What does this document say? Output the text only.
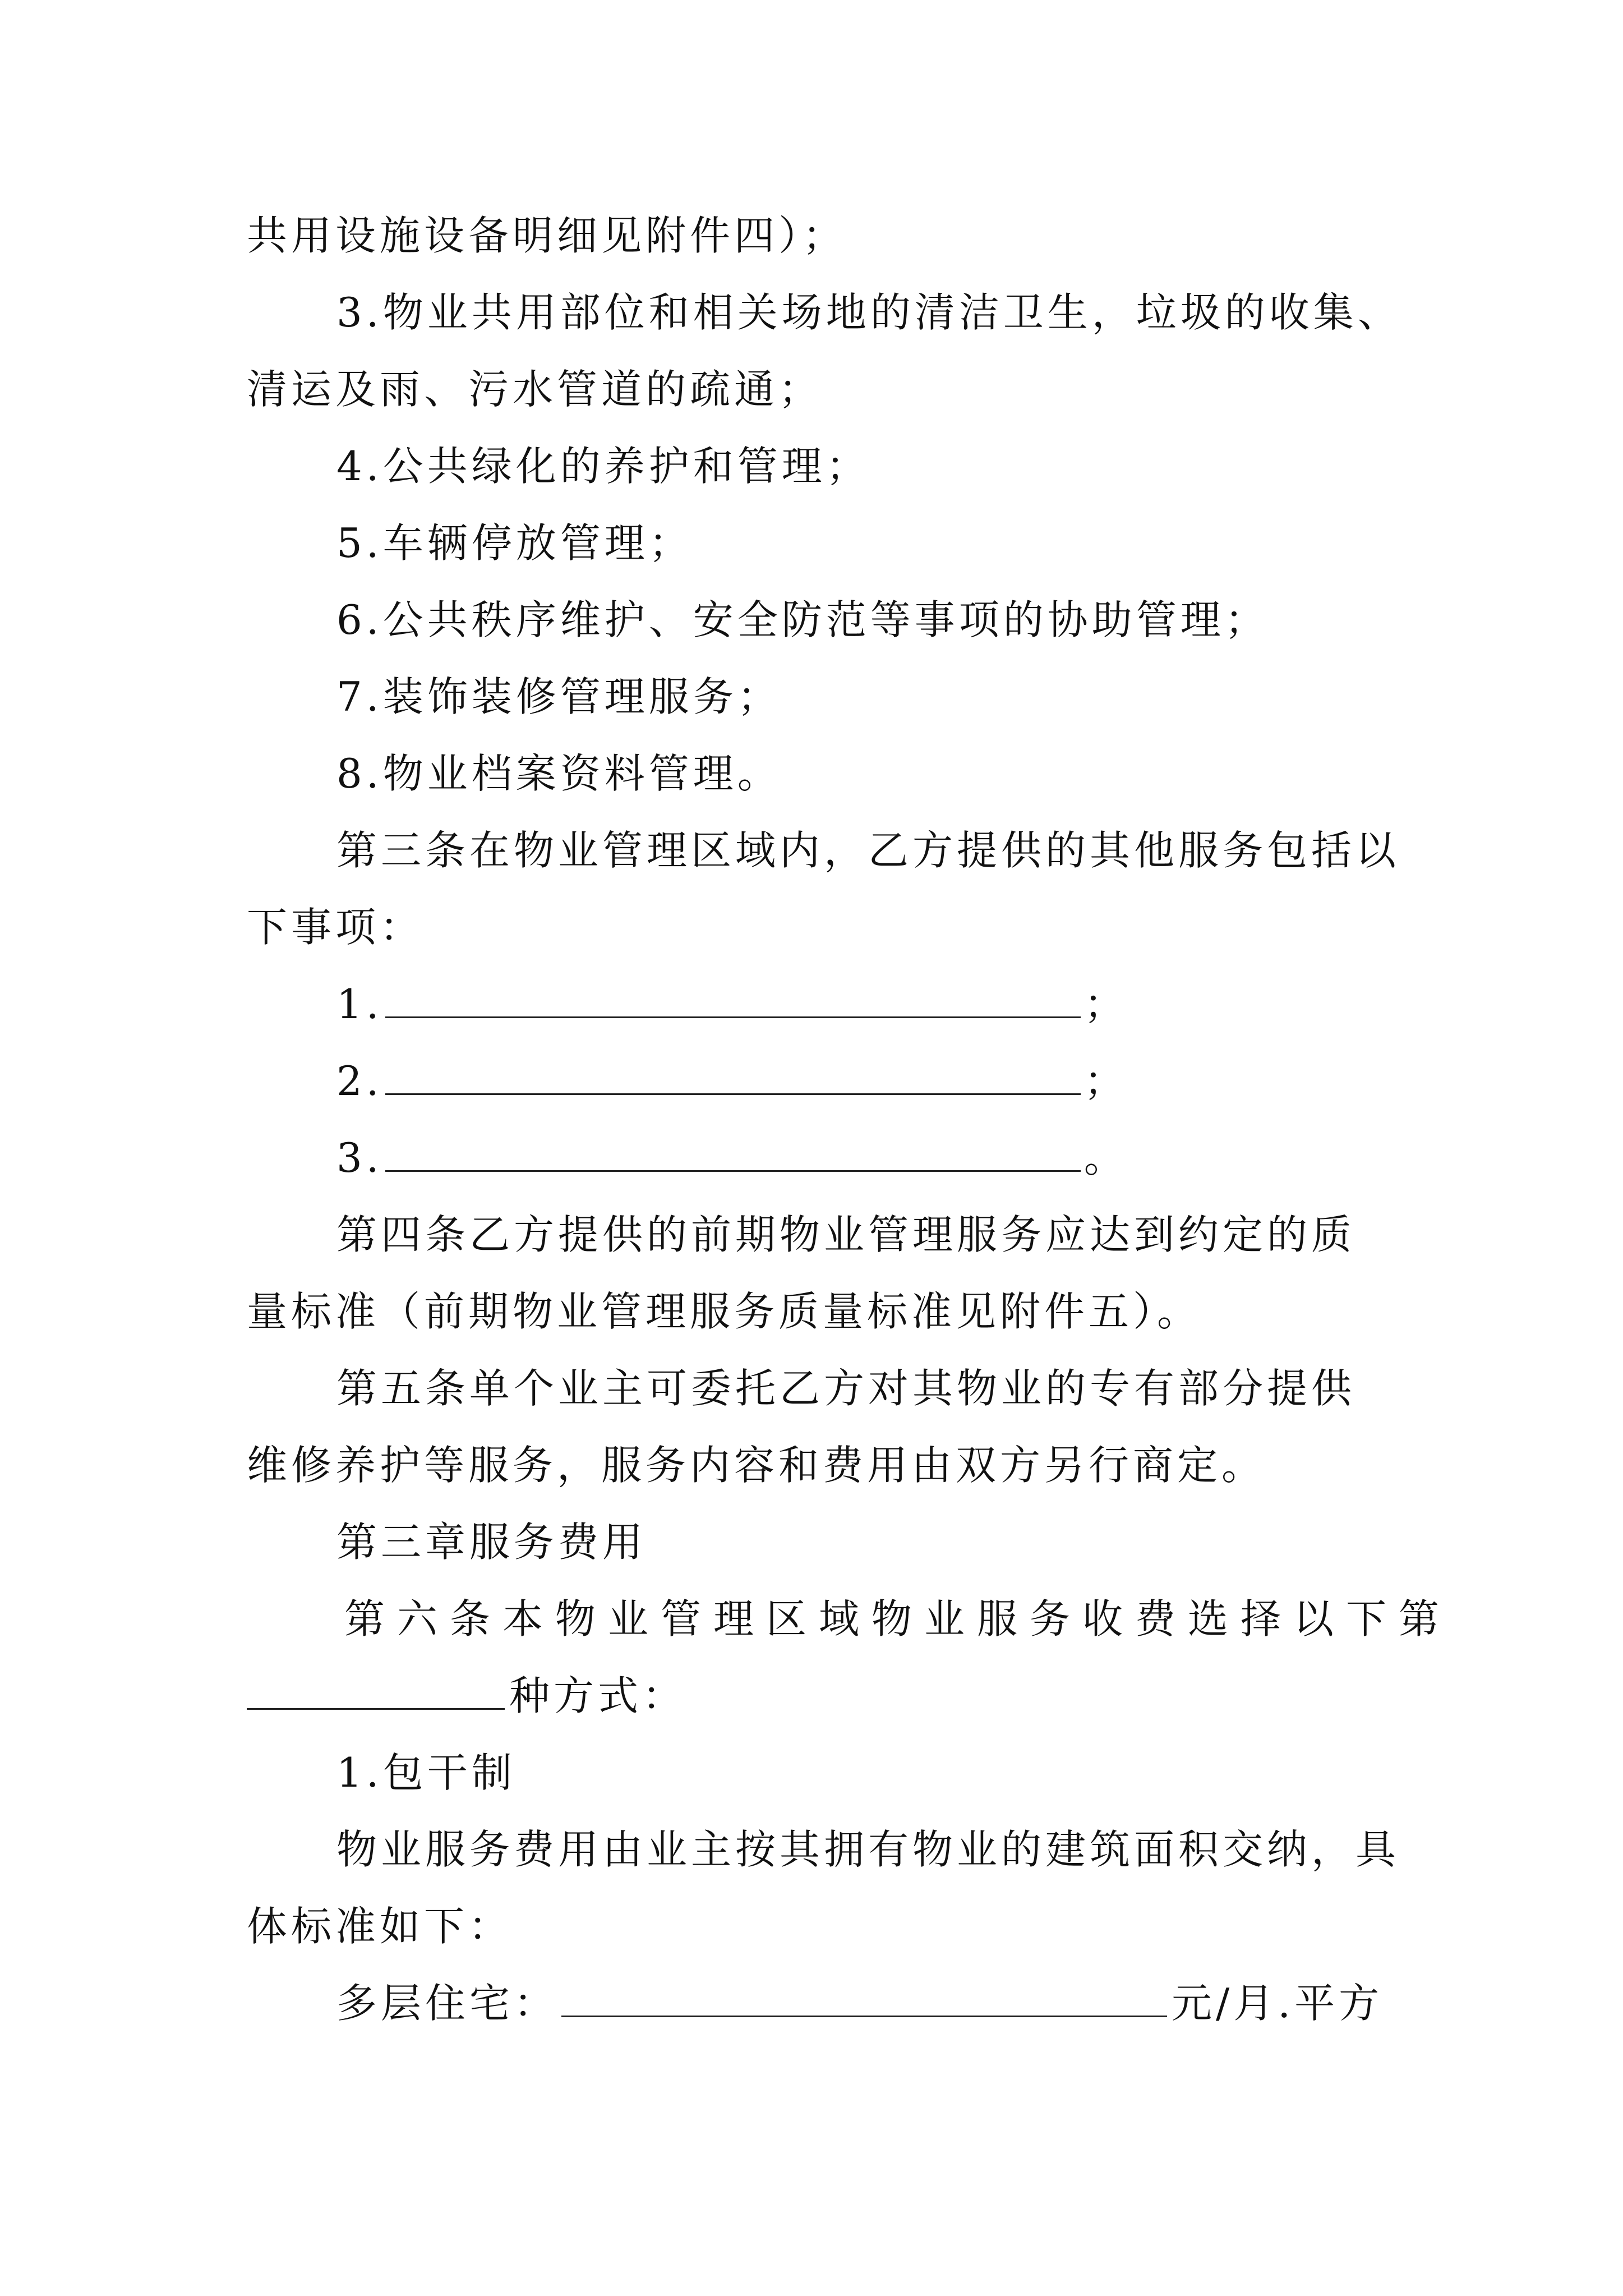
共用设施设备明细见附件四）；
3.物业共用部位和相关场地的清洁卫生，垃圾的收集、
清运及雨、污水管道的疏通；
4.公共绿化的养护和管理；
5.车辆停放管理；
6.公共秩序维护、安全防范等事项的协助管理；
7.装饰装修管理服务；
8.物业档案资料管理。
第三条在物业管理区域内，乙方提供的其他服务包括以
下事项：
1.	；
2.	；
3.	。
第四条乙方提供的前期物业管理服务应达到约定的质
量标准（前期物业管理服务质量标准见附件五）。
第五条单个业主可委托乙方对其物业的专有部分提供
维修养护等服务，服务内容和费用由双方另行商定。
第三章服务费用
第六条本物业管理区域物业服务收费选择以下第
种方式：
1.包干制
物业服务费用由业主按其拥有物业的建筑面积交纳，具
体标准如下：
多层住宅：	元/月.平方
